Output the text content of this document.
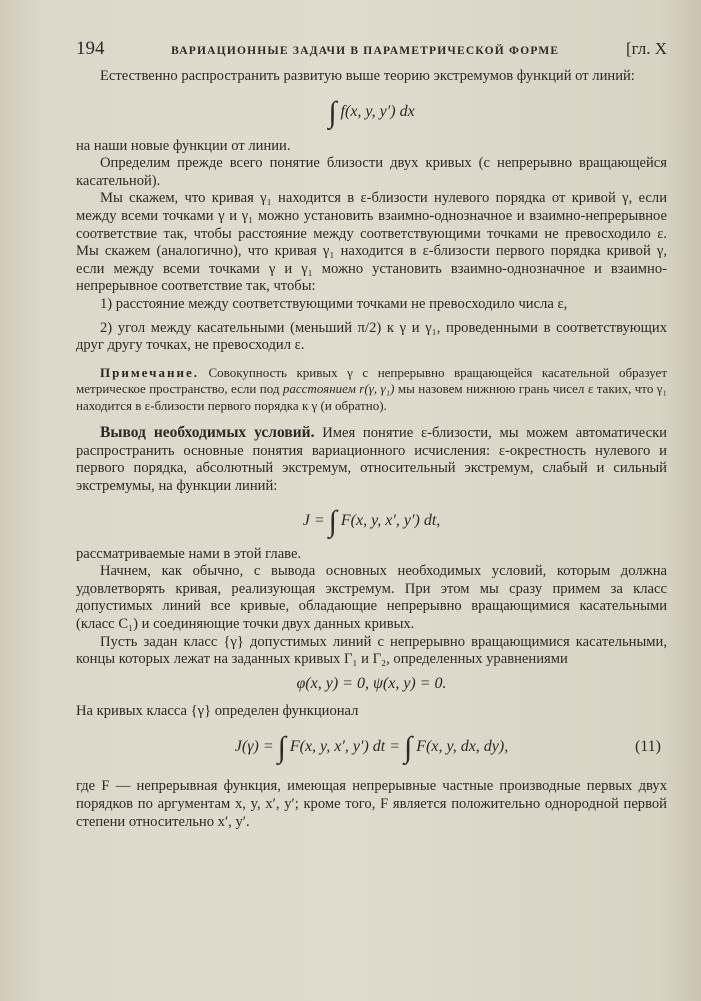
194	ВАРИАЦИОННЫЕ ЗАДАЧИ В ПАРАМЕТРИЧЕСКОЙ ФОРМЕ	[гл. X

Естественно распространить развитую выше теорию экстремумов функций от линий:

∫ f(x, y, y′) dx

на наши новые функции от линии.

Определим прежде всего понятие близости двух кривых (с непрерывно вращающейся касательной).

Мы скажем, что кривая γ₁ находится в ε-близости нулевого порядка от кривой γ, если между всеми точками γ и γ₁ можно установить взаимно-однозначное и взаимно-непрерывное соответствие так, чтобы расстояние между соответствующими точками не превосходило ε. Мы скажем (аналогично), что кривая γ₁ находится в ε-близости первого порядка кривой γ, если между всеми точками γ и γ₁ можно установить взаимно-однозначное и взаимно-непрерывное соответствие так, чтобы:

1) расстояние между соответствующими точками не превосходило числа ε,

2) угол между касательными (меньший π/2) к γ и γ₁, проведенными в соответствующих друг другу точках, не превосходил ε.

Примечание. Совокупность кривых γ с непрерывно вращающейся касательной образует метрическое пространство, если под расстоянием r(γ, γ₁) мы назовем нижнюю грань чисел ε таких, что γ₁ находится в ε-близости первого порядка к γ (и обратно).

Вывод необходимых условий. Имея понятие ε-близости, мы можем автоматически распространить основные понятия вариационного исчисления: ε-окрестность нулевого и первого порядка, абсолютный экстремум, относительный экстремум, слабый и сильный экстремумы, на функции линий:

J = ∫ F(x, y, x′, y′) dt,

рассматриваемые нами в этой главе.

Начнем, как обычно, с вывода основных необходимых условий, которым должна удовлетворять кривая, реализующая экстремум. При этом мы сразу примем за класс допустимых линий все кривые, обладающие непрерывно вращающимися касательными (класс C₁) и соединяющие точки двух данных кривых.

Пусть задан класс {γ} допустимых линий с непрерывно вращающимися касательными, концы которых лежат на заданных кривых Γ₁ и Γ₂, определенных уравнениями

φ(x, y) = 0, ψ(x, y) = 0.

На кривых класса {γ} определен функционал

J(γ) = ∫ F(x, y, x′, y′) dt = ∫ F(x, y, dx, dy),	(11)

где F — непрерывная функция, имеющая непрерывные частные производные первых двух порядков по аргументам x, y, x′, y′; кроме того, F является положительно однородной первой степени относительно x′, y′.
